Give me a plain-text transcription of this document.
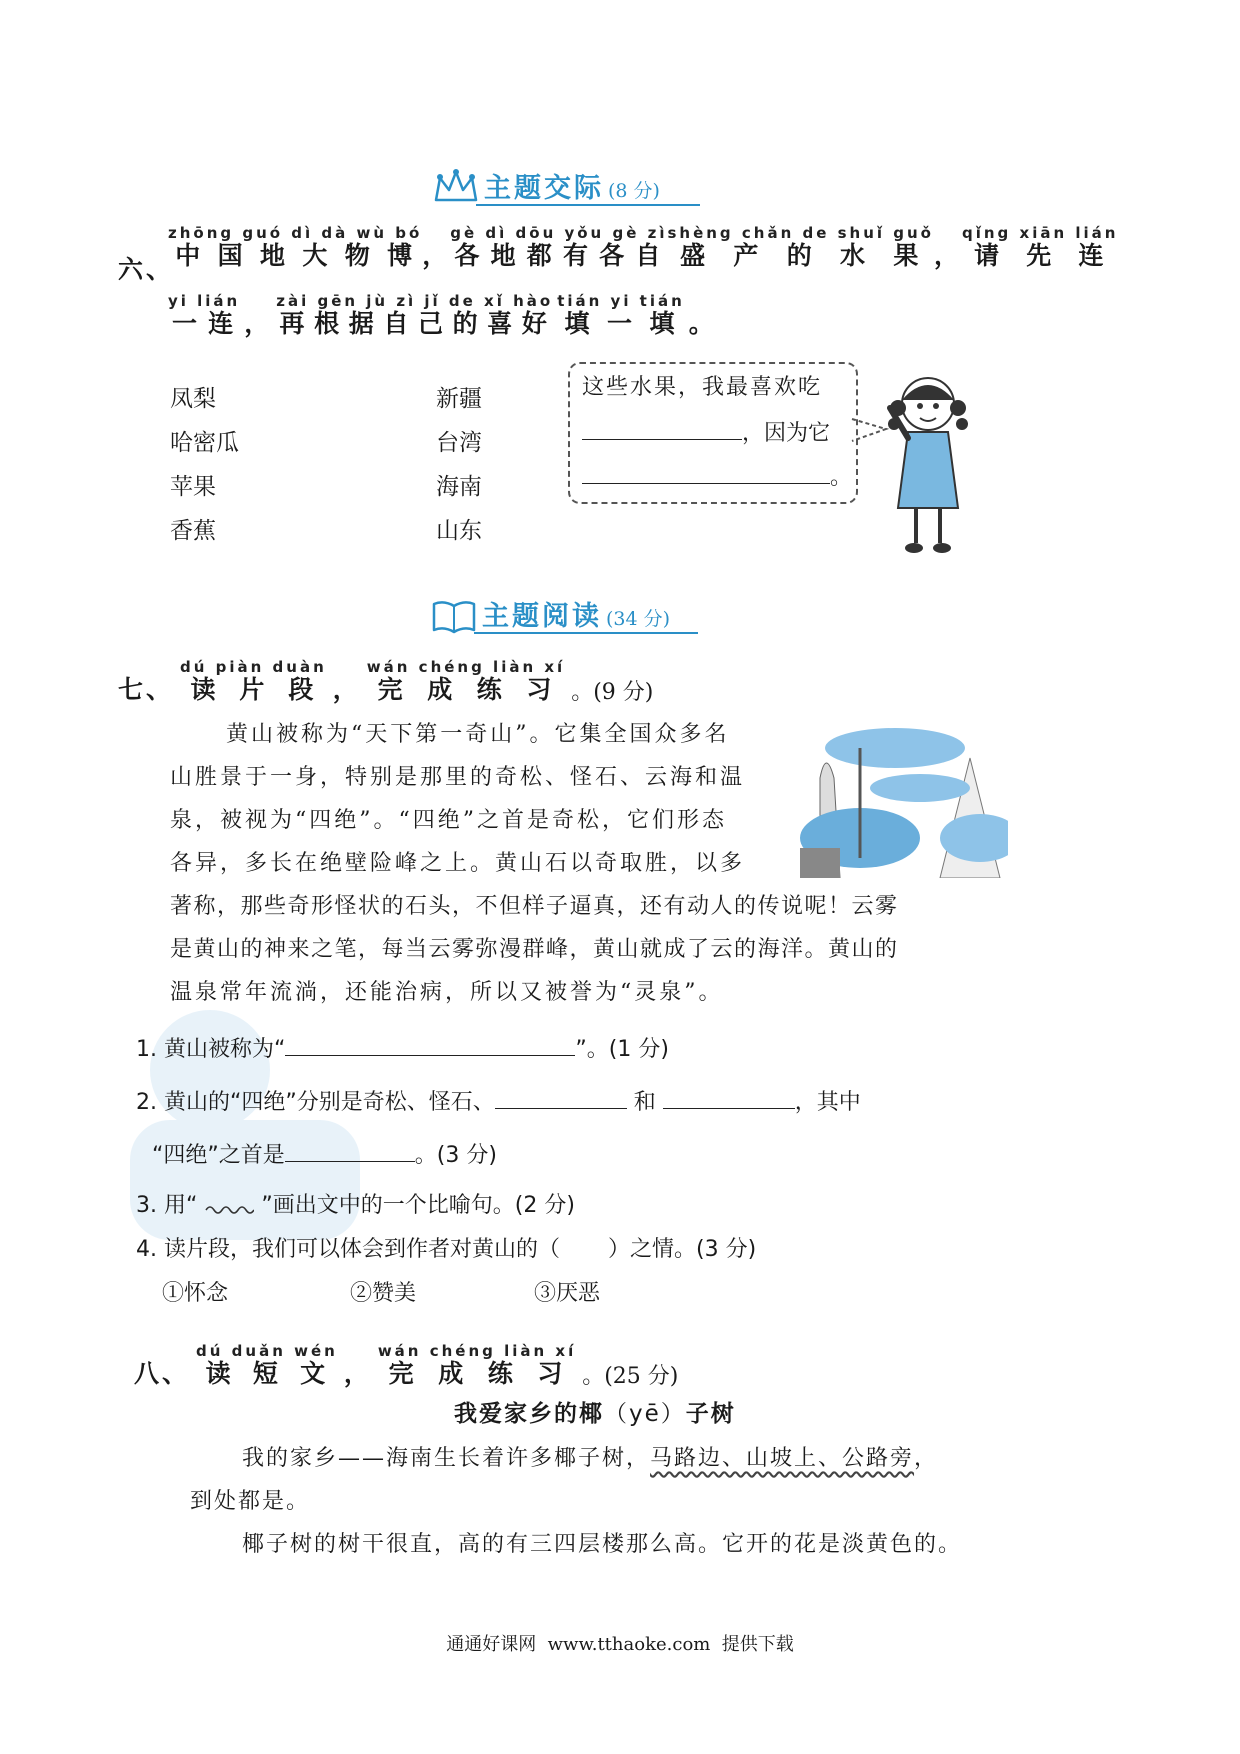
主题交际 (8 分)
六、
中国地大物博zhōng guó dì dà wù bó
， 各地都有各自gè dì dōu yǒu gè zì
盛产的水果shèng chǎn de shuǐ guǒ
， 请先连qǐng xiān lián
一连yi lián
， 再根据自己的喜好zài gēn jù zì jǐ de xǐ hào
填一填tián yi tián
。
凤梨
哈密瓜
苹果
香蕉
新疆
台湾
海南
山东
这些水果，我最喜欢吃
，因为它
。
主题阅读 (34 分)
七、 读片段dú piàn duàn
， 完成练习wán chéng liàn xí
。(9 分)
黄山被称为“天下第一奇山”。它集全国众多名
山胜景于一身，特别是那里的奇松、怪石、云海和温
泉，被视为“四绝”。“四绝”之首是奇松，它们形态
各异，多长在绝壁险峰之上。黄山石以奇取胜，以多
著称，那些奇形怪状的石头，不但样子逼真，还有动人的传说呢！云雾
是黄山的神来之笔，每当云雾弥漫群峰，黄山就成了云的海洋。黄山的
温泉常年流淌，还能治病，所以又被誉为“灵泉”。
1. 黄山被称为“	”。(1 分)
2. 黄山的“四绝”分别是奇松、怪石、	和	，其中
“四绝”之首是	。(3 分)
3. 用“	”画出文中的一个比喻句。(2 分)
4. 读片段，我们可以体会到作者对黄山的（ ）之情。(3 分)
①怀念	②赞美	③厌恶
八、 读短文dú duǎn wén
， 完成练习wán chéng liàn xí
。(25 分)
我爱家乡的椰（yē）子树
我的家乡——海南生长着许多椰子树，马路边、山坡上、公路旁，
到处都是。
椰子树的树干很直，高的有三四层楼那么高。它开的花是淡黄色的。
通通好课网  www.tthaoke.com  提供下载
